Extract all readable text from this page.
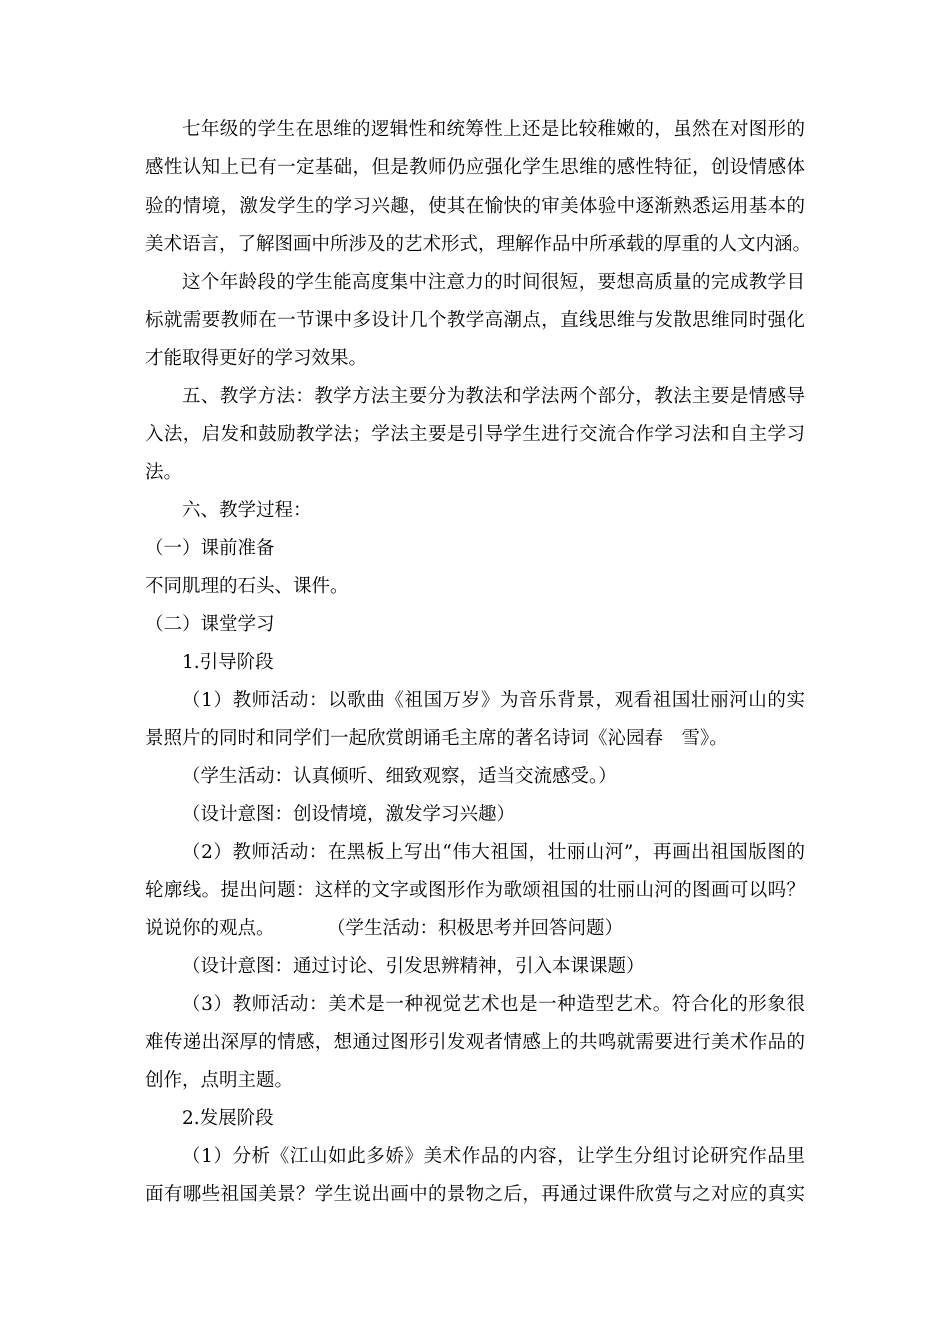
七年级的学生在思维的逻辑性和统筹性上还是比较稚嫩的，虽然在对图形的
感性认知上已有一定基础，但是教师仍应强化学生思维的感性特征，创设情感体
验的情境，激发学生的学习兴趣，使其在愉快的审美体验中逐渐熟悉运用基本的
美术语言，了解图画中所涉及的艺术形式，理解作品中所承载的厚重的人文内涵。
这个年龄段的学生能高度集中注意力的时间很短，要想高质量的完成教学目
标就需要教师在一节课中多设计几个教学高潮点，直线思维与发散思维同时强化
才能取得更好的学习效果。
五、教学方法：教学方法主要分为教法和学法两个部分，教法主要是情感导
入法，启发和鼓励教学法；学法主要是引导学生进行交流合作学习法和自主学习
法。
六、教学过程：
（一）课前准备
不同肌理的石头、课件。
（二）课堂学习
1.引导阶段
（1）教师活动：以歌曲《祖国万岁》为音乐背景，观看祖国壮丽河山的实
景照片的同时和同学们一起欣赏朗诵毛主席的著名诗词《沁园春　雪》。
（学生活动：认真倾听、细致观察，适当交流感受。）
（设计意图：创设情境，激发学习兴趣）
（2）教师活动：在黑板上写出“伟大祖国，壮丽山河”，再画出祖国版图的
轮廓线。提出问题：这样的文字或图形作为歌颂祖国的壮丽山河的图画可以吗？
说说你的观点。	（学生活动：积极思考并回答问题）
（设计意图：通过讨论、引发思辨精神，引入本课课题）
（3）教师活动：美术是一种视觉艺术也是一种造型艺术。符合化的形象很
难传递出深厚的情感，想通过图形引发观者情感上的共鸣就需要进行美术作品的
创作，点明主题。
2.发展阶段
（1）分析《江山如此多娇》美术作品的内容，让学生分组讨论研究作品里
面有哪些祖国美景？学生说出画中的景物之后，再通过课件欣赏与之对应的真实
